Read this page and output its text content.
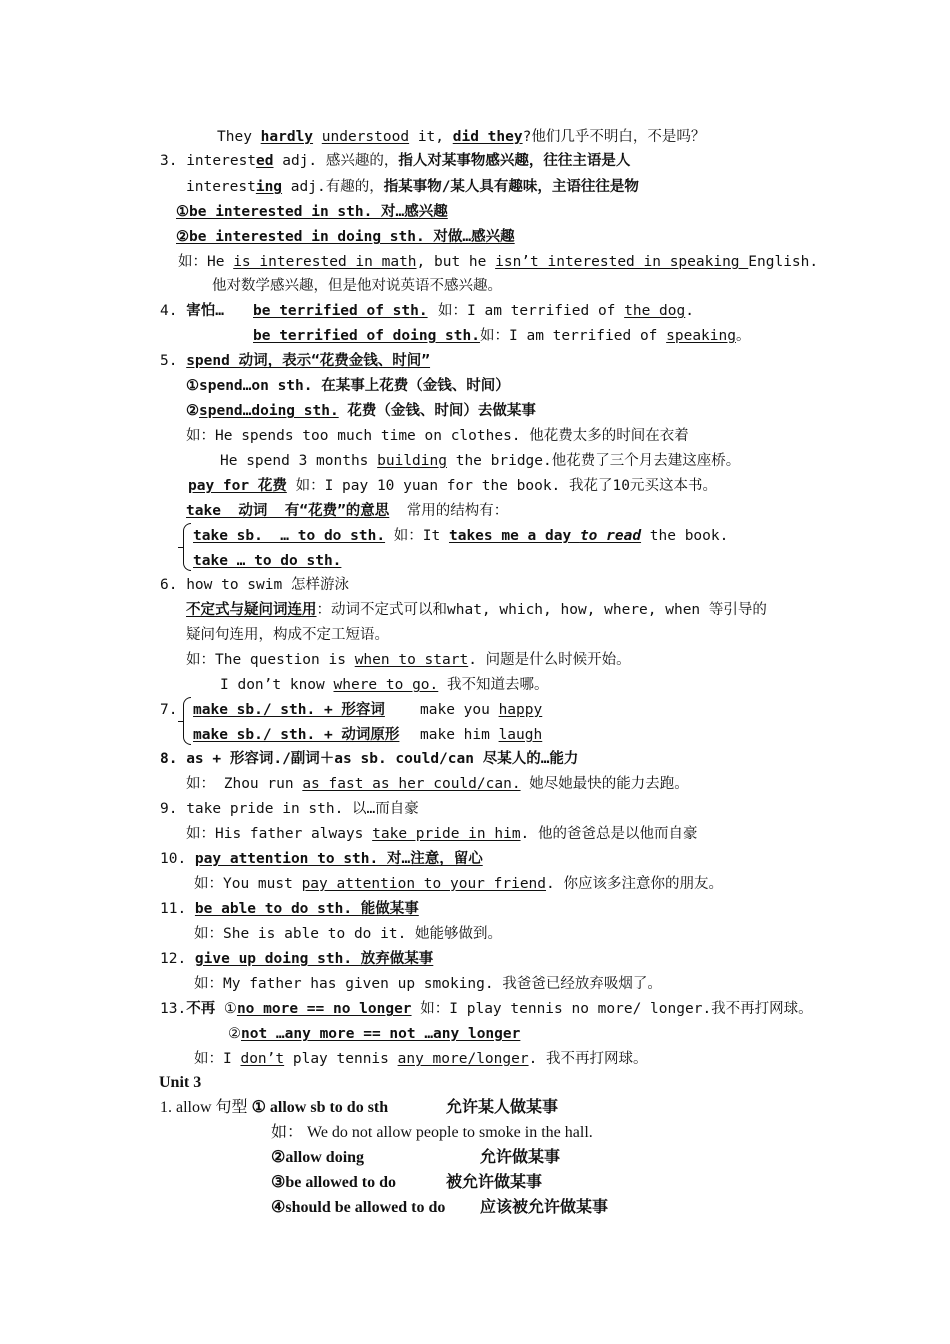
They hardly understood it, did they?他们几乎不明白，不是吗？
3. interested adj. 感兴趣的，指人对某事物感兴趣，往往主语是人
interesting adj.有趣的，指某事物/某人具有趣味，主语往往是物
①be interested in sth. 对…感兴趣
②be interested in doing sth. 对做…感兴趣
如：He is interested in math, but he isn’t interested in speaking English.
他对数学感兴趣，但是他对说英语不感兴趣。
4. 害怕… be terrified of sth. 如：I am terrified of the dog.
be terrified of doing sth. 如：I am terrified of speaking。
5. spend 动词，表示“花费金钱、时间”
①spend…on sth. 在某事上花费（金钱、时间）
②spend…doing sth. 花费（金钱、时间）去做某事
如：He spends too much time on clothes. 他花费太多的时间在衣着
He spend 3 months building the bridge.他花费了三个月去建这座桥。
pay for 花费 如：I pay 10 yuan for the book. 我花了10元买这本书。
take  动词  有“花费”的意思  常用的结构有：
take sb.  … to do sth. 如：It takes me a day to read the book.
take … to do sth.
6. how to swim 怎样游泳
不定式与疑问词连用：动词不定式可以和what, which, how, where, when 等引导的
疑问句连用，构成不定工短语。
如：The question is when to start. 问题是什么时候开始。
I don’t know where to go. 我不知道去哪。
7. make sb./ sth. + 形容词 make you happy
make sb./ sth. + 动词原形 make him laugh
8. as + 形容词./副词＋as sb. could/can 尽某人的…能力
如： Zhou run as fast as her could/can. 她尽她最快的能力去跑。
9. take pride in sth. 以…而自豪
如：His father always take pride in him. 他的爸爸总是以他而自豪
10. pay attention to sth. 对…注意，留心
如：You must pay attention to your friend. 你应该多注意你的朋友。
11. be able to do sth. 能做某事
如：She is able to do it. 她能够做到。
12. give up doing sth. 放弃做某事
如：My father has given up smoking. 我爸爸已经放弃吸烟了。
13.不再 ①no more == no longer 如：I play tennis no more/ longer.我不再打网球。
②not …any more == not …any longer
如：I don’t play tennis any more/longer. 我不再打网球。
Unit 3
1. allow 句型 ① allow sb to do sth	允许某人做某事
如： We do not allow people to smoke in the hall.
②allow doing	允许做某事
③be allowed to do	被允许做某事
④should be allowed to do 应该被允许做某事
